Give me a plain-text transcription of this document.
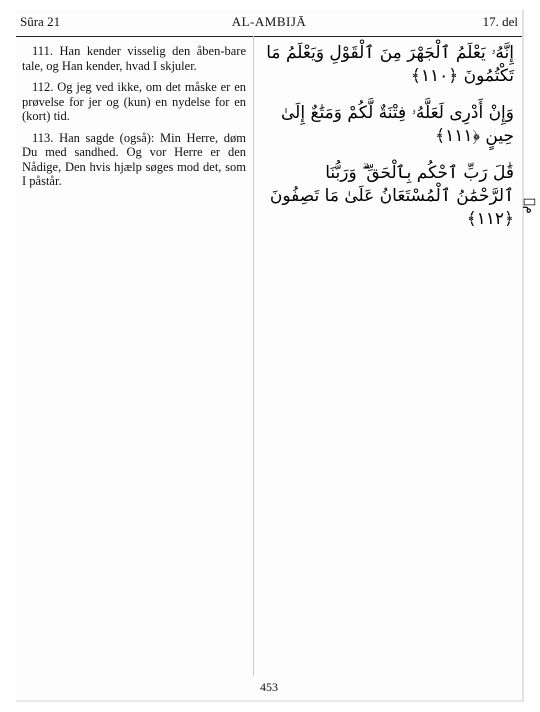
Sûra 21	AL-AMBIJĀ	17. del

111. Han kender visselig den åben-bare tale, og Han kender, hvad I skjuler.

112. Og jeg ved ikke, om det måske er en prøvelse for jer og (kun) en nydelse for en (kort) tid.

113. Han sagde (også): Min Herre, døm Du med sandhed. Og vor Herre er den Nådige, Den hvis hjælp søges mod det, som I påstår.

إِنَّهُۥ يَعْلَمُ ٱلْجَهْرَ مِنَ ٱلْقَوْلِ وَيَعْلَمُ مَا تَكْتُمُونَ ﴿١١٠﴾

وَإِنْ أَدْرِى لَعَلَّهُۥ فِتْنَةٌ لَّكُمْ وَمَتَٰعٌ إِلَىٰ حِينٍ ﴿١١١﴾

قَٰلَ رَبِّ ٱحْكُم بِٱلْحَقِّ ۗ وَرَبُّنَا ٱلرَّحْمَٰنُ ٱلْمُسْتَعَانُ عَلَىٰ مَا تَصِفُونَ ﴿١١٢﴾

مۡ
453
